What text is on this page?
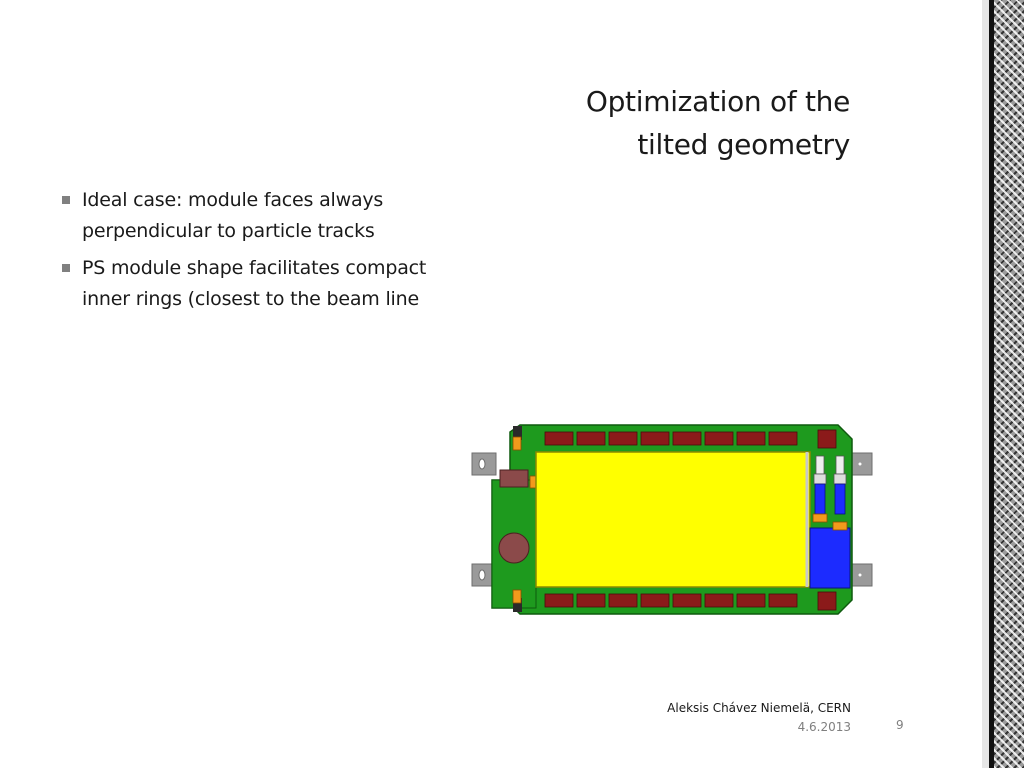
Optimization of the
tilted geometry
Ideal case: module faces always perpendicular to particle tracks
PS module shape facilitates compact inner rings (closest to the beam line
Aleksis Chávez Niemelä, CERN
4.6.2013	9
